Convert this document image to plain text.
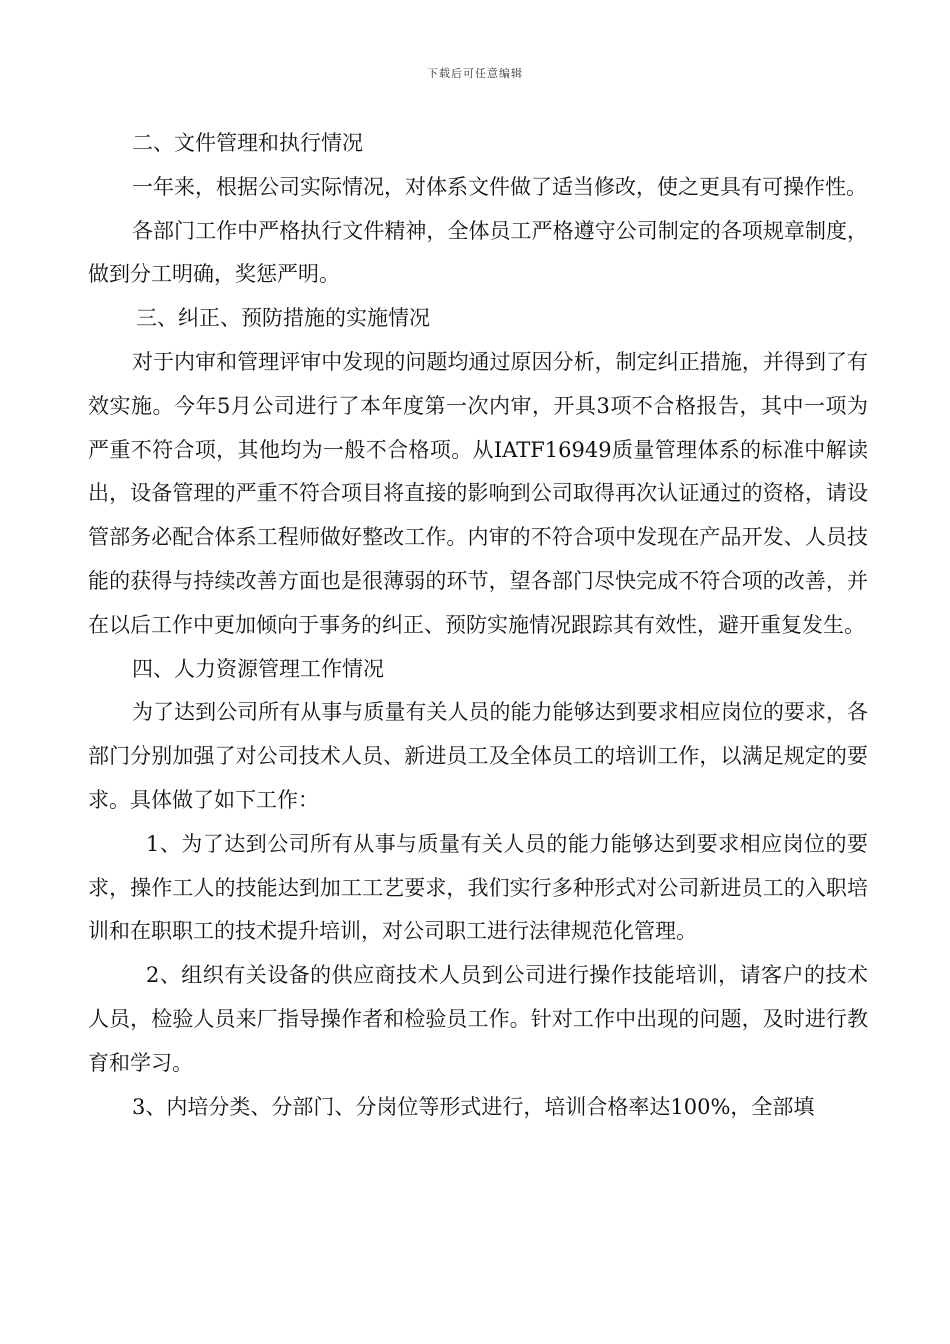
下载后可任意编辑

二、文件管理和执行情况

一年来，根据公司实际情况，对体系文件做了适当修改，使之更具有可操作性。

各部门工作中严格执行文件精神，全体员工严格遵守公司制定的各项规章制度，做到分工明确，奖惩严明。

三、纠正、预防措施的实施情况

对于内审和管理评审中发现的问题均通过原因分析，制定纠正措施，并得到了有效实施。今年5月公司进行了本年度第一次内审，开具3项不合格报告，其中一项为严重不符合项，其他均为一般不合格项。从IATF16949质量管理体系的标准中解读出，设备管理的严重不符合项目将直接的影响到公司取得再次认证通过的资格，请设管部务必配合体系工程师做好整改工作。内审的不符合项中发现在产品开发、人员技能的获得与持续改善方面也是很薄弱的环节，望各部门尽快完成不符合项的改善，并在以后工作中更加倾向于事务的纠正、预防实施情况跟踪其有效性，避开重复发生。

四、人力资源管理工作情况

为了达到公司所有从事与质量有关人员的能力能够达到要求相应岗位的要求，各部门分别加强了对公司技术人员、新进员工及全体员工的培训工作，以满足规定的要求。具体做了如下工作：

1、为了达到公司所有从事与质量有关人员的能力能够达到要求相应岗位的要求，操作工人的技能达到加工工艺要求，我们实行多种形式对公司新进员工的入职培训和在职职工的技术提升培训，对公司职工进行法律规范化管理。

2、组织有关设备的供应商技术人员到公司进行操作技能培训，请客户的技术人员，检验人员来厂指导操作者和检验员工作。针对工作中出现的问题，及时进行教育和学习。

3、内培分类、分部门、分岗位等形式进行，培训合格率达100%，全部填
